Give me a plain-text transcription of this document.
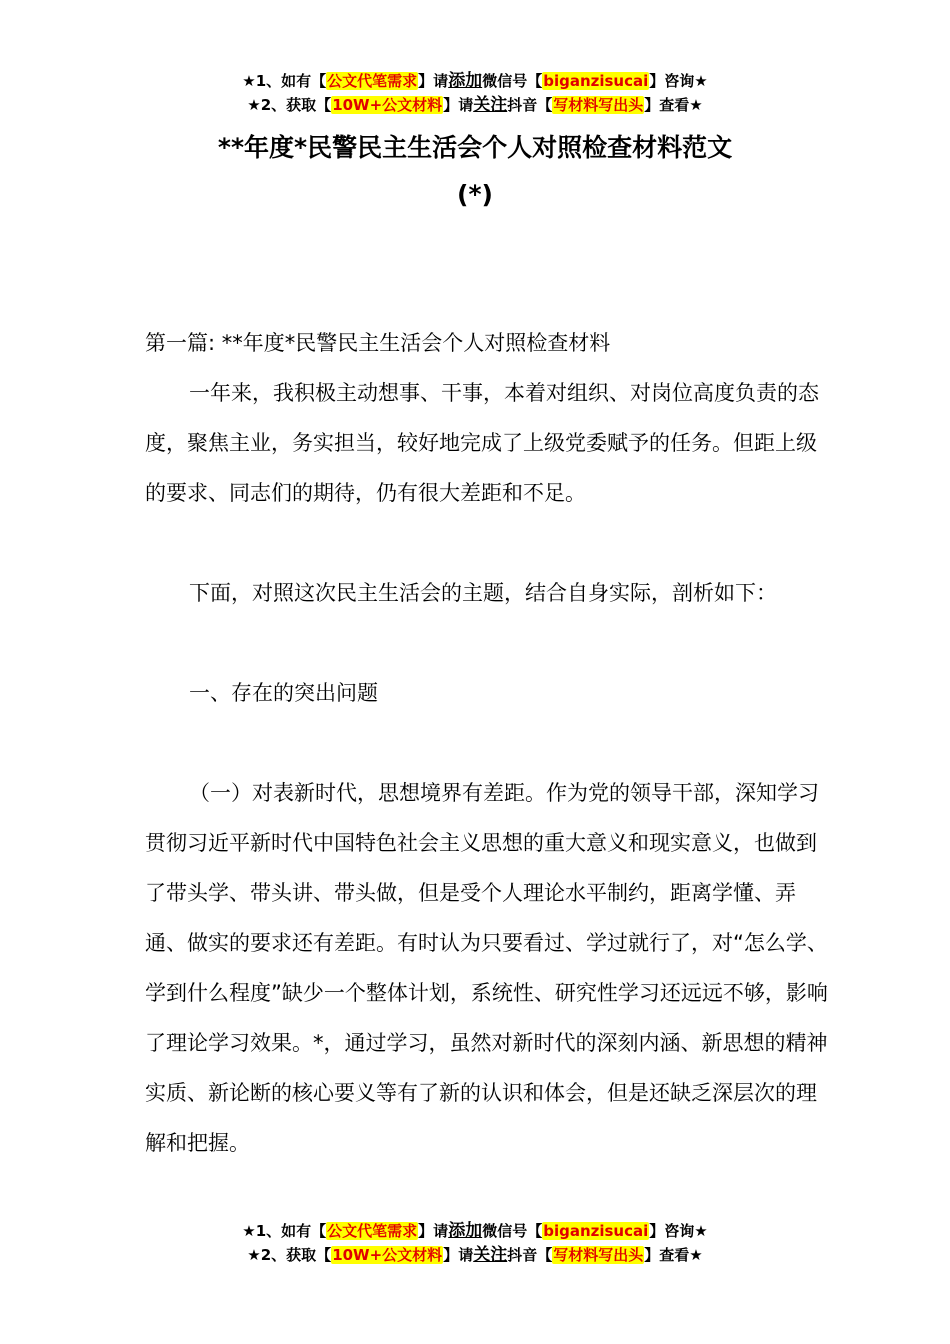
★1、如有【公文代笔需求】请添加微信号【biganzisucai】咨询★
★2、获取【10W+公文材料】请关注抖音【写材料写出头】查看★
**年度*民警民主生活会个人对照检查材料范文
(*)

第一篇: **年度*民警民主生活会个人对照检查材料

一年来，我积极主动想事、干事，本着对组织、对岗位高度负责的态度，聚焦主业，务实担当，较好地完成了上级党委赋予的任务。但距上级的要求、同志们的期待，仍有很大差距和不足。

下面，对照这次民主生活会的主题，结合自身实际，剖析如下：

一、存在的突出问题

（一）对表新时代，思想境界有差距。作为党的领导干部，深知学习贯彻习近平新时代中国特色社会主义思想的重大意义和现实意义，也做到了带头学、带头讲、带头做，但是受个人理论水平制约，距离学懂、弄通、做实的要求还有差距。有时认为只要看过、学过就行了，对“怎么学、学到什么程度”缺少一个整体计划，系统性、研究性学习还远远不够，影响了理论学习效果。*，通过学习，虽然对新时代的深刻内涵、新思想的精神实质、新论断的核心要义等有了新的认识和体会，但是还缺乏深层次的理解和把握。

★1、如有【公文代笔需求】请添加微信号【biganzisucai】咨询★
★2、获取【10W+公文材料】请关注抖音【写材料写出头】查看★
